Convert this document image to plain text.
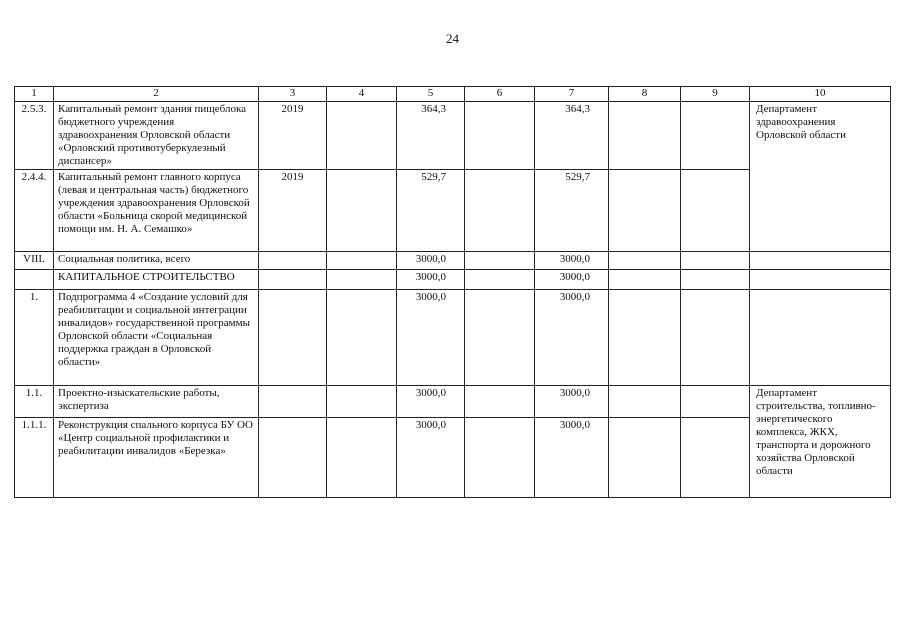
24
1	2	3	4	5	6	7	8	9	10
2.5.3.	Капитальный ремонт здания пищеблока бюджетного учреждения здравоохранения Орловской области «Орловский противотуберкулезный диспансер»	2019		364,3		364,3			Департамент здравоохранения Орловской области
2.4.4.	Капитальный ремонт главного корпуса (левая и центральная часть) бюджетного учреждения здравоохранения Орловской области «Больница скорой медицинской помощи им. Н. А. Семашко»	2019		529,7		529,7			
VIII.	Социальная политика, всего			3000,0		3000,0			
	КАПИТАЛЬНОЕ СТРОИТЕЛЬСТВО			3000,0		3000,0			
1.	Подпрограмма 4 «Создание условий для реабилитации и социальной интеграции инвалидов» государственной программы Орловской области «Социальная поддержка граждан в Орловской области»			3000,0		3000,0			
1.1.	Проектно-изыскательские работы, экспертиза			3000,0		3000,0			Департамент строительства, топливно-энергетического комплекса, ЖКХ, транспорта и дорожного хозяйства Орловской области
1.1.1.	Реконструкция спального корпуса БУ ОО «Центр социальной профилактики и реабилитации инвалидов «Березка»			3000,0		3000,0			
